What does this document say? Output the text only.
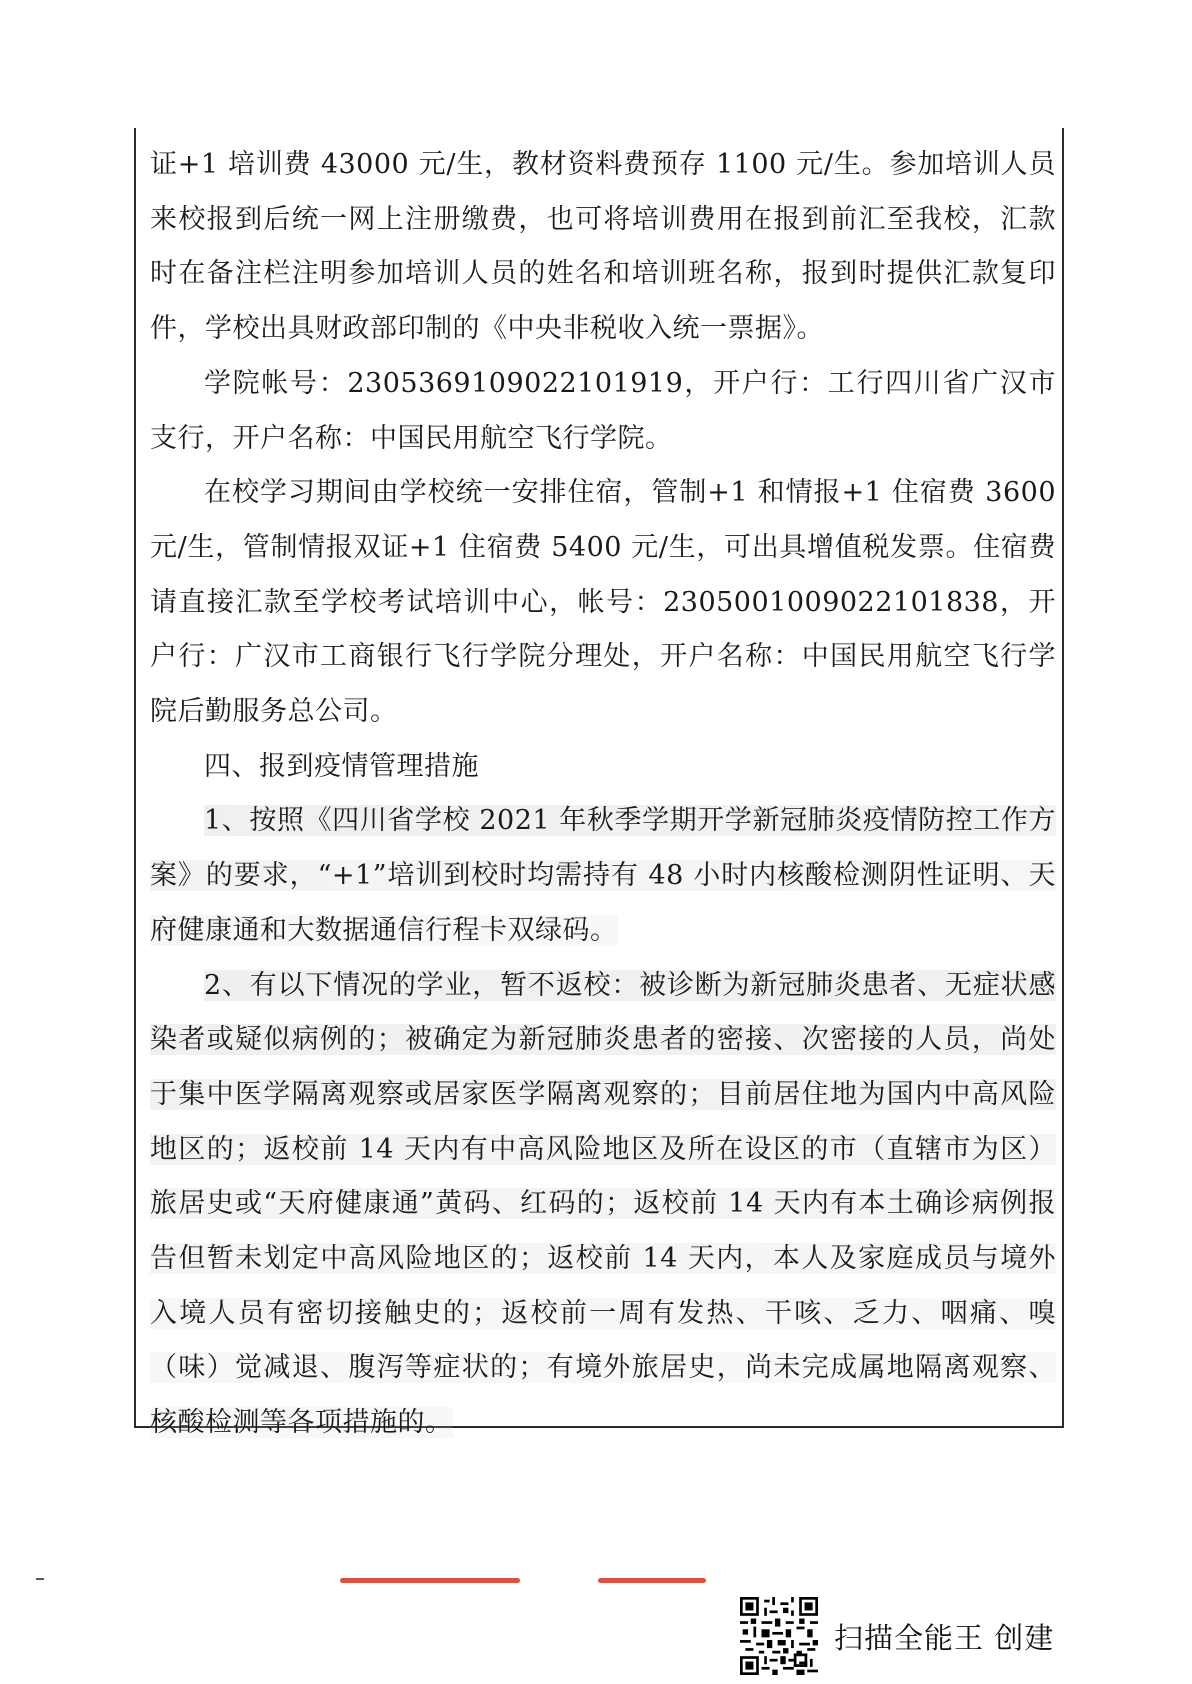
证+1 培训费 43000 元/生，教材资料费预存 1100 元/生。参加培训人员来校报到后统一网上注册缴费，也可将培训费用在报到前汇至我校，汇款时在备注栏注明参加培训人员的姓名和培训班名称，报到时提供汇款复印件，学校出具财政部印制的《中央非税收入统一票据》。

学院帐号：2305369109022101919，开户行：工行四川省广汉市支行，开户名称：中国民用航空飞行学院。

在校学习期间由学校统一安排住宿，管制+1 和情报+1 住宿费 3600 元/生，管制情报双证+1 住宿费 5400 元/生，可出具增值税发票。住宿费请直接汇款至学校考试培训中心，帐号：2305001009022101838，开户行：广汉市工商银行飞行学院分理处，开户名称：中国民用航空飞行学院后勤服务总公司。

四、报到疫情管理措施

1、按照《四川省学校 2021 年秋季学期开学新冠肺炎疫情防控工作方案》的要求，“+1”培训到校时均需持有 48 小时内核酸检测阴性证明、天府健康通和大数据通信行程卡双绿码。

2、有以下情况的学业，暂不返校：被诊断为新冠肺炎患者、无症状感染者或疑似病例的；被确定为新冠肺炎患者的密接、次密接的人员，尚处于集中医学隔离观察或居家医学隔离观察的；目前居住地为国内中高风险地区的；返校前 14 天内有中高风险地区及所在设区的市（直辖市为区）旅居史或“天府健康通”黄码、红码的；返校前 14 天内有本土确诊病例报告但暂未划定中高风险地区的；返校前 14 天内，本人及家庭成员与境外入境人员有密切接触史的；返校前一周有发热、干咳、乏力、咽痛、嗅（味）觉减退、腹泻等症状的；有境外旅居史，尚未完成属地隔离观察、核酸检测等各项措施的。

扫描全能王 创建
